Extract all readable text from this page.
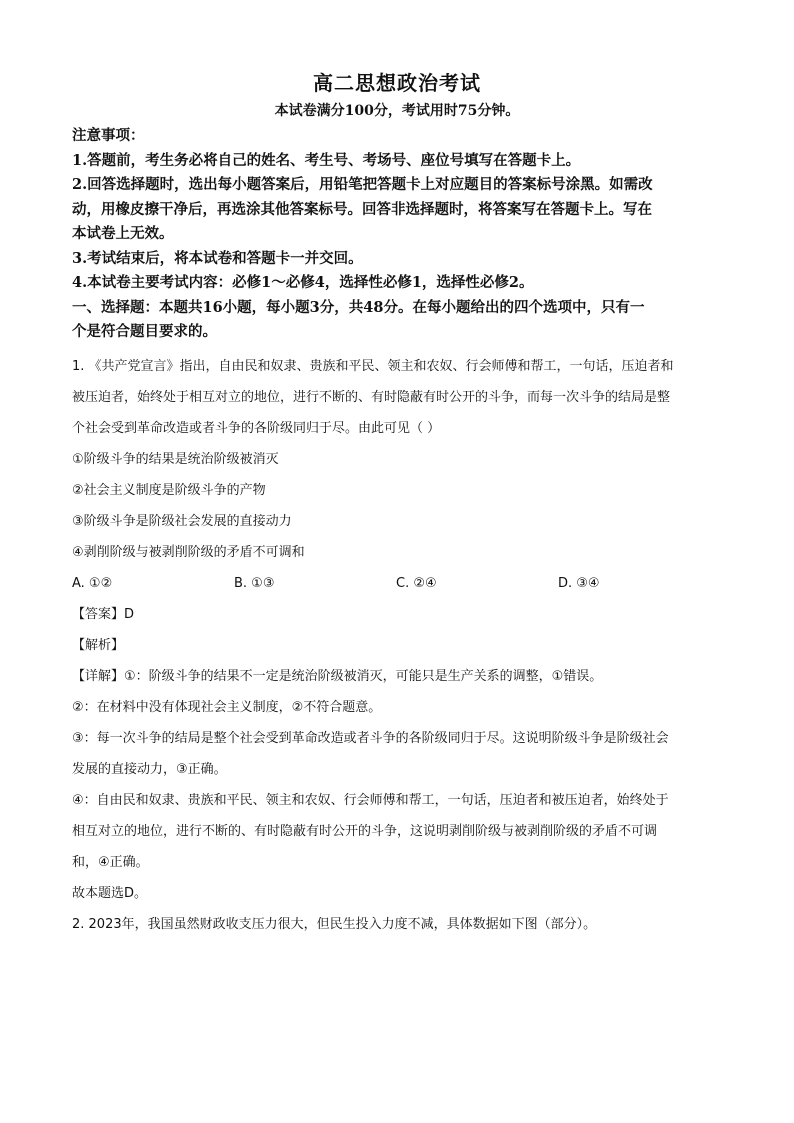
高二思想政治考试

本试卷满分100分，考试用时75分钟。

注意事项：

1.答题前，考生务必将自己的姓名、考生号、考场号、座位号填写在答题卡上。

2.回答选择题时，选出每小题答案后，用铅笔把答题卡上对应题目的答案标号涂黑。如需改

动，用橡皮擦干净后，再选涂其他答案标号。回答非选择题时，将答案写在答题卡上。写在

本试卷上无效。

3.考试结束后，将本试卷和答题卡一并交回。

4.本试卷主要考试内容：必修1～必修4，选择性必修1，选择性必修2。

一、选择题：本题共16小题，每小题3分，共48分。在每小题给出的四个选项中，只有一

个是符合题目要求的。

1. 《共产党宣言》指出，自由民和奴隶、贵族和平民、领主和农奴、行会师傅和帮工，一句话，压迫者和

被压迫者，始终处于相互对立的地位，进行不断的、有时隐蔽有时公开的斗争，而每一次斗争的结局是整

个社会受到革命改造或者斗争的各阶级同归于尽。由此可见（ ）

①阶级斗争的结果是统治阶级被消灭

②社会主义制度是阶级斗争的产物

③阶级斗争是阶级社会发展的直接动力

④剥削阶级与被剥削阶级的矛盾不可调和

A. ①②	B. ①③	C. ②④	D. ③④

【答案】D

【解析】

【详解】①：阶级斗争的结果不一定是统治阶级被消灭，可能只是生产关系的调整，①错误。

②：在材料中没有体现社会主义制度，②不符合题意。

③：每一次斗争的结局是整个社会受到革命改造或者斗争的各阶级同归于尽。这说明阶级斗争是阶级社会

发展的直接动力，③正确。

④：自由民和奴隶、贵族和平民、领主和农奴、行会师傅和帮工，一句话，压迫者和被压迫者，始终处于

相互对立的地位，进行不断的、有时隐蔽有时公开的斗争，这说明剥削阶级与被剥削阶级的矛盾不可调

和，④正确。

故本题选D。

2. 2023年，我国虽然财政收支压力很大，但民生投入力度不减，具体数据如下图（部分）。
